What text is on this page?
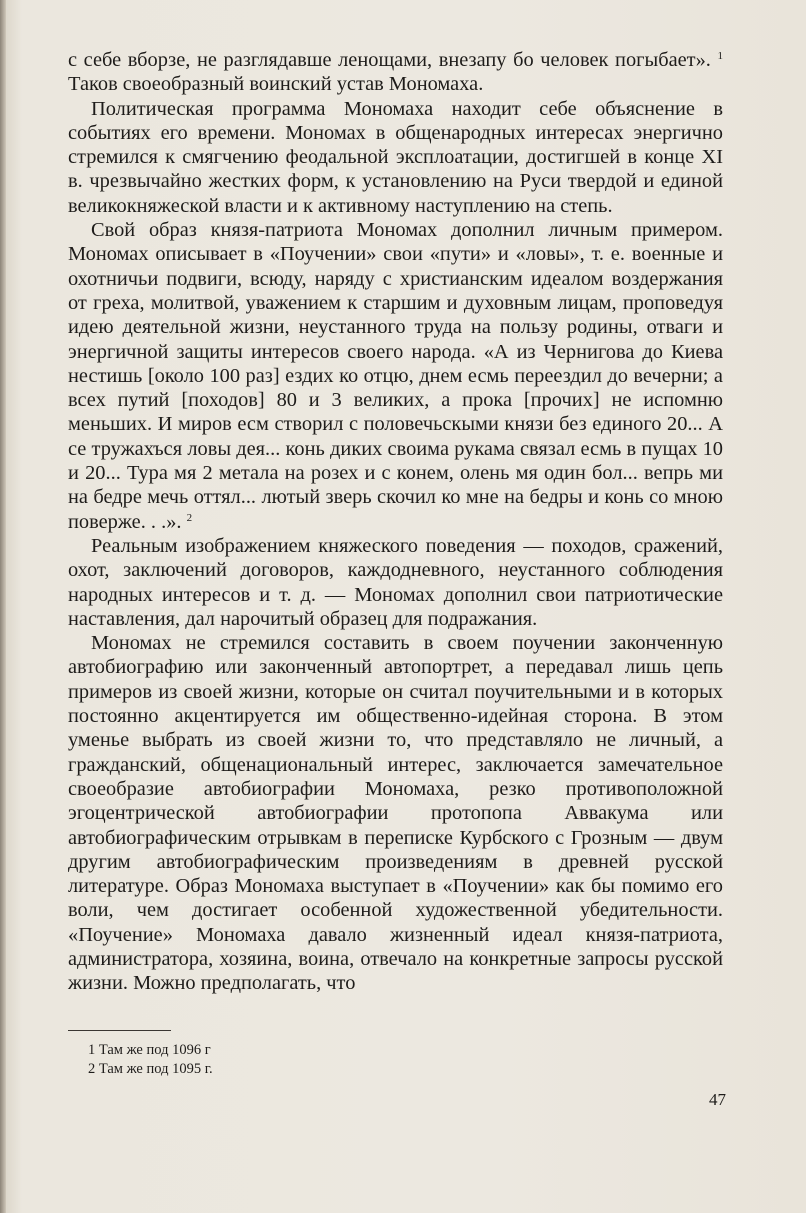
с себе вборзе, не разглядавше ленощами, внезапу бо человек погыбает». $^1$ Таков своеобразный воинский устав Мономаха.

Политическая программа Мономаха находит себе объяснение в событиях его времени. Мономах в общенародных интересах энергично стремился к смягчению феодальной эксплоатации, достигшей в конце XI в. чрезвычайно жестких форм, к установлению на Руси твердой и единой великокняжеской власти и к активному наступлению на степь.

Свой образ князя-патриота Мономах дополнил личным примером. Мономах описывает в «Поучении» свои «пути» и «ловы», т. е. военные и охотничьи подвиги, всюду, наряду с христианским идеалом воздержания от греха, молитвой, уважением к старшим и духовным лицам, проповедуя идею деятельной жизни, неустанного труда на пользу родины, отваги и энергичной защиты интересов своего народа. «А из Чернигова до Киева нестишь [около 100 раз] ездих ко отцю, днем есмь переездил до вечерни; а всех путий [походов] 80 и 3 великих, а прока [прочих] не испомню меньших. И миров есм створил с половечьскыми князи без единого 20... А се тружахъся ловы дея... конь диких своима рукама связал есмь в пущах 10 и 20... Тура мя 2 метала на розех и с конем, олень мя один бол... вепрь ми на бедре мечь оттял... лютый зверь скочил ко мне на бедры и конь со мною поверже. . .». $^2$

Реальным изображением княжеского поведения — походов, сражений, охот, заключений договоров, каждодневного, неустанного соблюдения народных интересов и т. д. — Мономах дополнил свои патриотические наставления, дал нарочитый образец для подражания.

Мономах не стремился составить в своем поучении законченную автобиографию или законченный автопортрет, а передавал лишь цепь примеров из своей жизни, которые он считал поучительными и в которых постоянно акцентируется им общественно-идейная сторона. В этом уменье выбрать из своей жизни то, что представляло не личный, а гражданский, общенациональный интерес, заключается замечательное своеобразие автобиографии Мономаха, резко противоположной эгоцентрической автобиографии протопопа Аввакума или автобиографическим отрывкам в переписке Курбского с Грозным — двум другим автобиографическим произведениям в древней русской литературе. Образ Мономаха выступает в «Поучении» как бы помимо его воли, чем достигает особенной художественной убедительности. «Поучение» Мономаха давало жизненный идеал князя-патриота, администратора, хозяина, воина, отвечало на конкретные запросы русской жизни. Можно предполагать, что

1 Там же под 1096 г
2 Там же под 1095 г.
47
